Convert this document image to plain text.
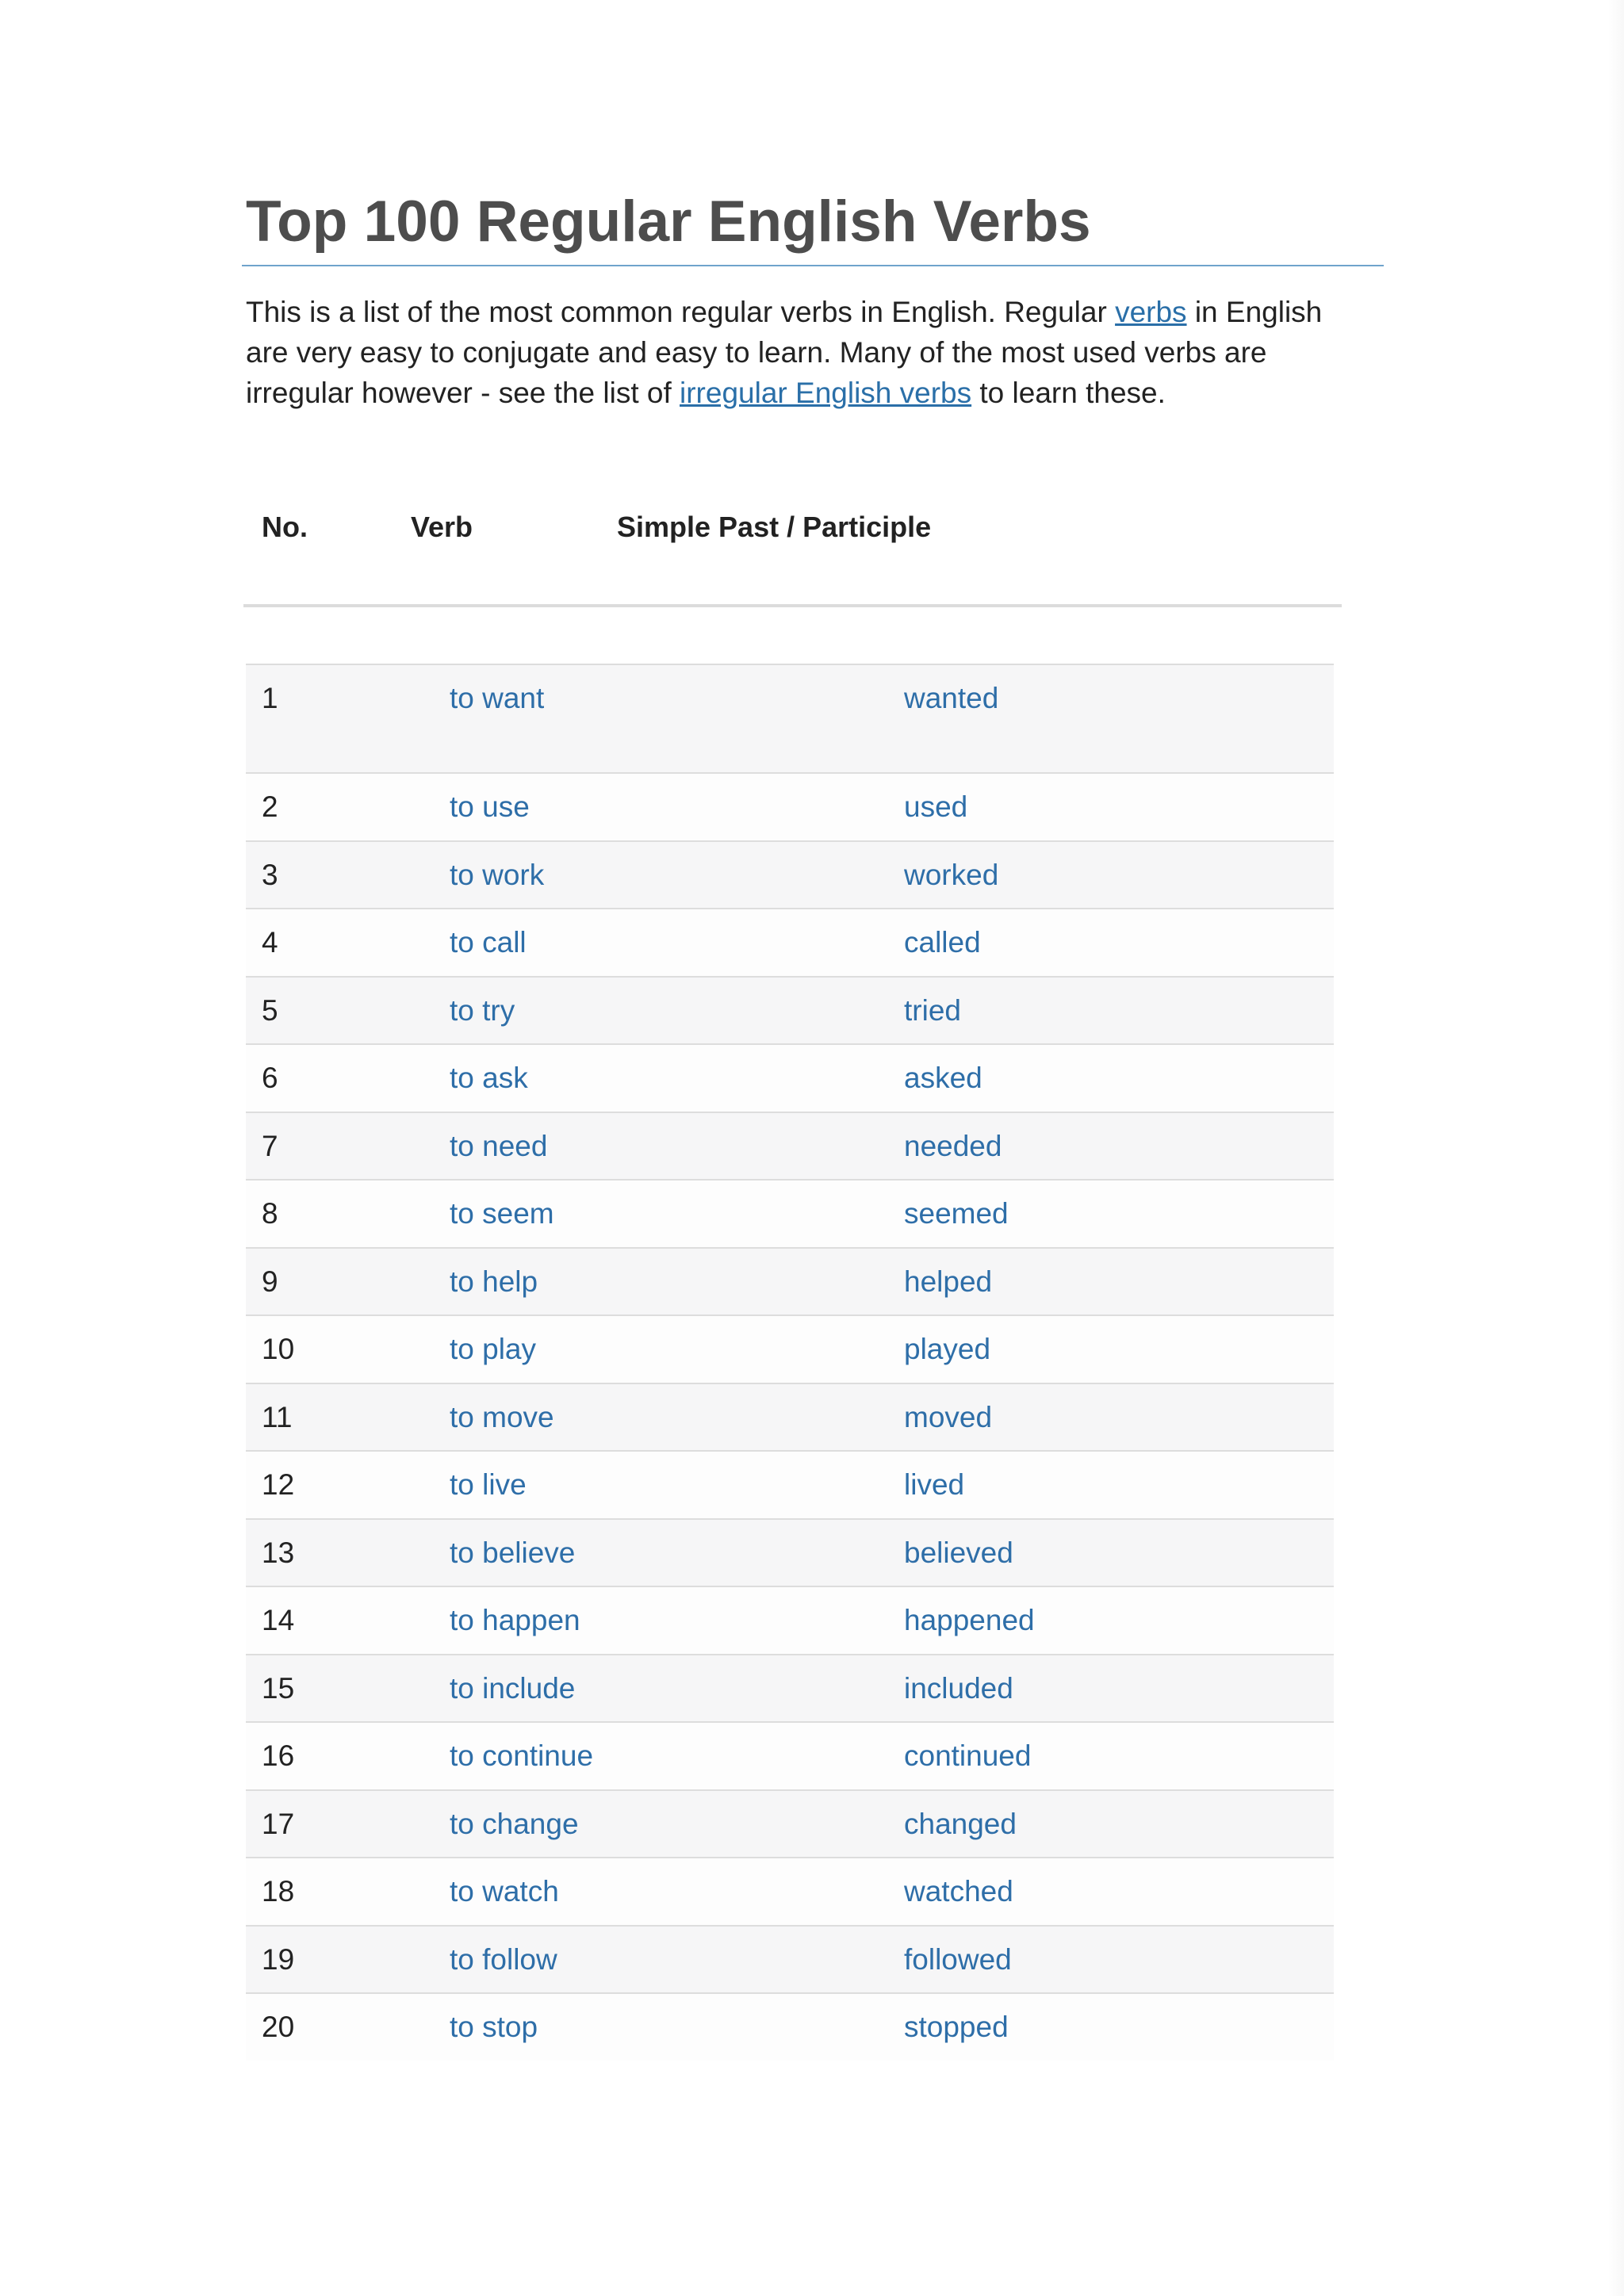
Top 100 Regular English Verbs

This is a list of the most common regular verbs in English. Regular verbs in English are very easy to conjugate and easy to learn. Many of the most used verbs are irregular however - see the list of irregular English verbs to learn these.

No.	Verb	Simple Past / Participle
1	to want	wanted
2	to use	used
3	to work	worked
4	to call	called
5	to try	tried
6	to ask	asked
7	to need	needed
8	to seem	seemed
9	to help	helped
10	to play	played
11	to move	moved
12	to live	lived
13	to believe	believed
14	to happen	happened
15	to include	included
16	to continue	continued
17	to change	changed
18	to watch	watched
19	to follow	followed
20	to stop	stopped
